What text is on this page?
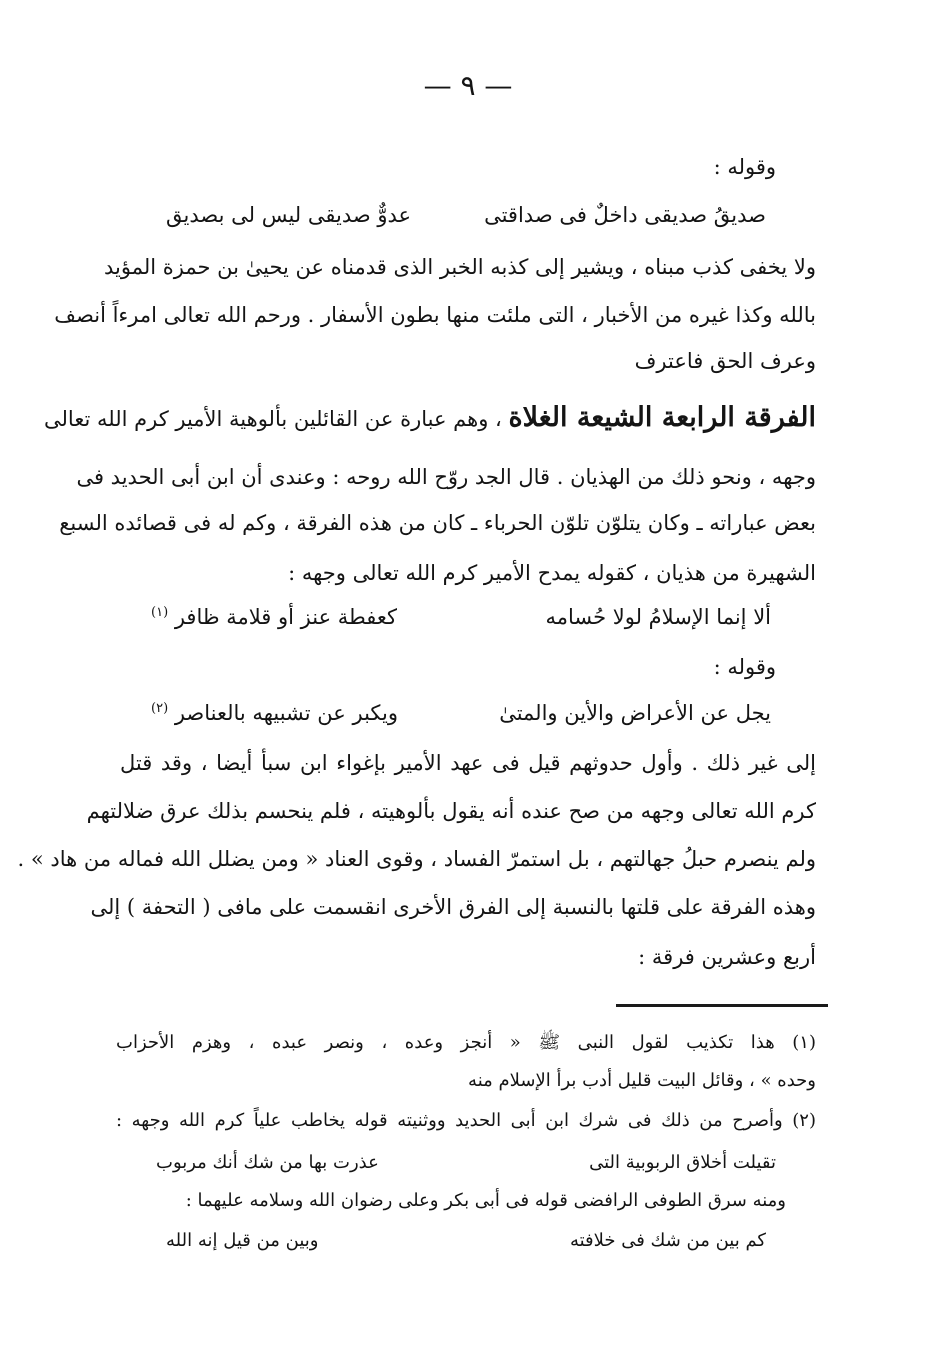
— ٩ —
وقوله :
صديقُ صديقى داخلٌ فى صداقتى
عدوٌّ صديقى ليس لى بصديق
ولا يخفى كذب مبناه ، ويشير إلى كذبه الخبر الذى قدمناه عن يحيىٰ بن حمزة المؤيد
بالله وكذا غيره من الأخبار ، التى ملئت منها بطون الأسفار . ورحم الله تعالى امرءاً أنصف
وعرف الحق فاعترف
الفرقة الرابعة الشيعة الغلاة ، وهم عبارة عن القائلين بألوهية الأمير كرم الله تعالى
وجهه ، ونحو ذلك من الهذيان . قال الجد روّح الله روحه : وعندى أن ابن أبى الحديد فى
بعض عباراته ـ وكان يتلوّن تلوّن الحرباء ـ كان من هذه الفرقة ، وكم له فى قصائده السبع
الشهيرة من هذيان ، كقوله يمدح الأمير كرم الله تعالى وجهه :
ألا إنما الإسلامُ لولا حُسامه
كعفطة عنز أو قلامة ظافر $^{(١)}$
وقوله :
يجل عن الأعراض والأين والمتىٰ
ويكبر عن تشبيهه بالعناصر $^{(٢)}$
إلى غير ذلك . وأول حدوثهم قيل فى عهد الأمير بإغواء ابن سبأ أيضا ، وقد قتل
كرم الله تعالى وجهه من صح عنده أنه يقول بألوهيته ، فلم ينحسم بذلك عرق ضلالتهم
ولم ينصرم حبلُ جهالتهم ، بل استمرّ الفساد ، وقوى العناد « ومن يضلل الله فماله من هاد » .
وهذه الفرقة على قلتها بالنسبة إلى الفرق الأخرى انقسمت على مافى ( التحفة ) إلى
أربع وعشرين فرقة :
(١) هذا تكذيب لقول النبى ﷺ « أنجز وعده ، ونصر عبده ، وهزم الأحزاب
وحده » ، وقائل البيت قليل أدب برأ الإسلام منه
(٢) وأصرح من ذلك فى شرك ابن أبى الحديد ووثنيته قوله يخاطب علياً كرم الله وجهه :
تقيلت أخلاق الربوبية التى
عذرت بها من شك أنك مربوب
ومنه سرق الطوفى الرافضى قوله فى أبى بكر وعلى رضوان الله وسلامه عليهما :
كم بين من شك فى خلافته
وبين من قيل إنه الله
